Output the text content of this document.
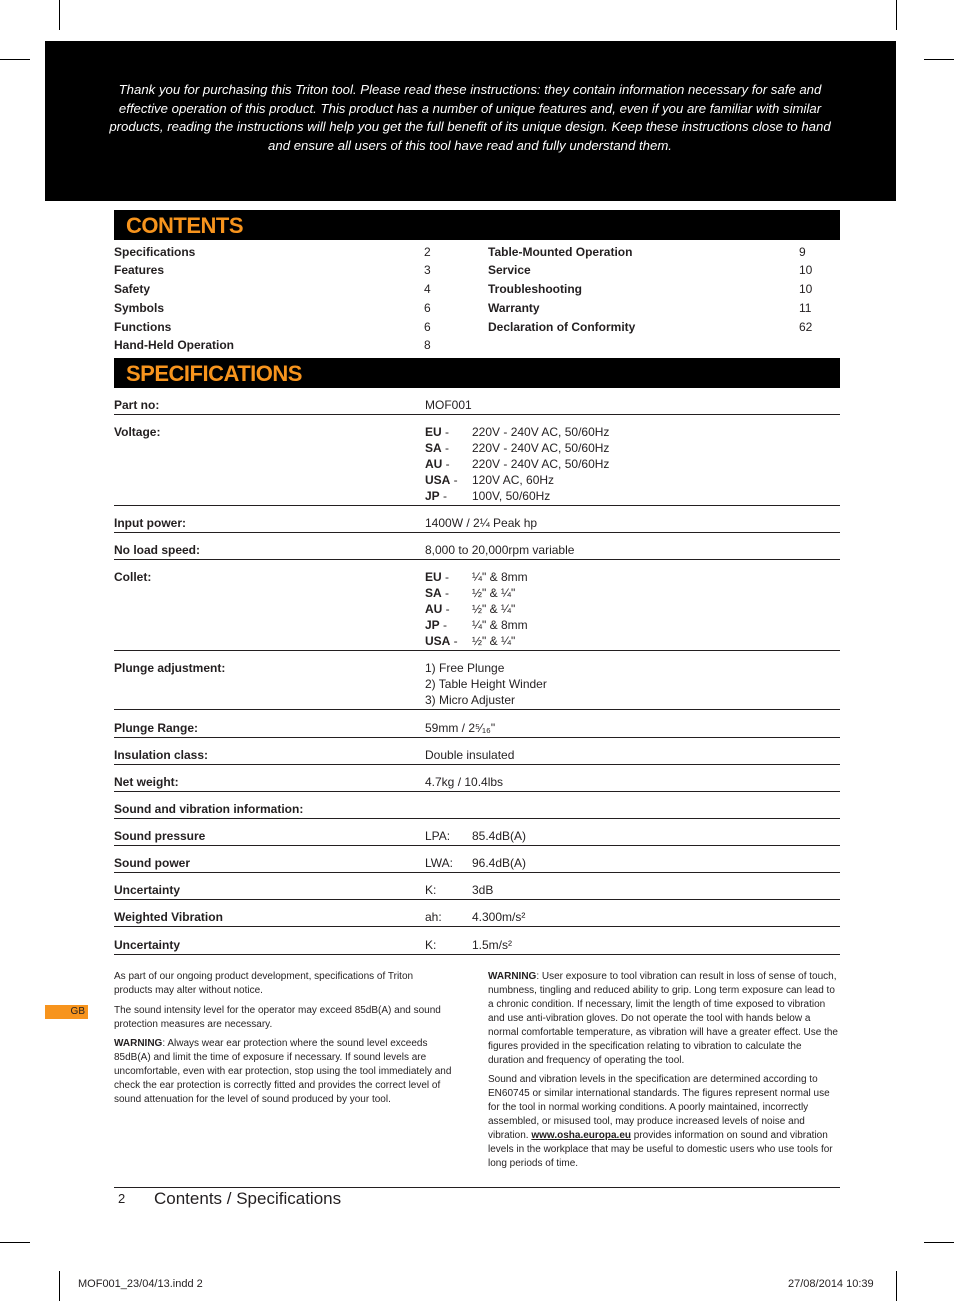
Thank you for purchasing this Triton tool. Please read these instructions: they contain information necessary for safe and effective operation of this product. This product has a number of unique features and, even if you are familiar with similar products, reading the instructions will help you get the full benefit of its unique design. Keep these instructions close to hand and ensure all users of this tool have read and fully understand them.

CONTENTS
Specifications	2
Features	3
Safety	4
Symbols	6
Functions	6
Hand-Held Operation	8
Table-Mounted Operation	9
Service	10
Troubleshooting	10
Warranty	11
Declaration of Conformity	62
SPECIFICATIONS
Part no:	MOF001
Voltage:	EU - 220V - 240V AC, 50/60Hz
SA - 220V - 240V AC, 50/60Hz
AU - 220V - 240V AC, 50/60Hz
USA - 120V AC, 60Hz
JP - 100V, 50/60Hz
Input power:	1400W / 2¼ Peak hp
No load speed:	8,000 to 20,000rpm variable
Collet:	EU - ¼" & 8mm
SA - ½" & ¼"
AU - ½" & ¼"
JP - ¼" & 8mm
USA - ½" & ¼"
Plunge adjustment:	1) Free Plunge
2) Table Height Winder
3) Micro Adjuster
Plunge Range:	59mm / 2⁵⁄₁₆"
Insulation class:	Double insulated
Net weight:	4.7kg / 10.4lbs
Sound and vibration information:
Sound pressure	LPA: 85.4dB(A)
Sound power	LWA: 96.4dB(A)
Uncertainty	K:	3dB
Weighted Vibration	ah:	4.300m/s²
Uncertainty	K:	1.5m/s²

As part of our ongoing product development, specifications of Triton products may alter without notice.

The sound intensity level for the operator may exceed 85dB(A) and sound protection measures are necessary.

WARNING: Always wear ear protection where the sound level exceeds 85dB(A) and limit the time of exposure if necessary. If sound levels are uncomfortable, even with ear protection, stop using the tool immediately and check the ear protection is correctly fitted and provides the correct level of sound attenuation for the level of sound produced by your tool.

WARNING: User exposure to tool vibration can result in loss of sense of touch, numbness, tingling and reduced ability to grip. Long term exposure can lead to a chronic condition. If necessary, limit the length of time exposed to vibration and use anti-vibration gloves. Do not operate the tool with hands below a normal comfortable temperature, as vibration will have a greater effect. Use the figures provided in the specification relating to vibration to calculate the duration and frequency of operating the tool.

Sound and vibration levels in the specification are determined according to EN60745 or similar international standards. The figures represent normal use for the tool in normal working conditions. A poorly maintained, incorrectly assembled, or misused tool, may produce increased levels of noise and vibration. www.osha.europa.eu provides information on sound and vibration levels in the workplace that may be useful to domestic users who use tools for long periods of time.

GB
2 Contents / Specifications
MOF001_23/04/13.indd 2	27/08/2014 10:39
